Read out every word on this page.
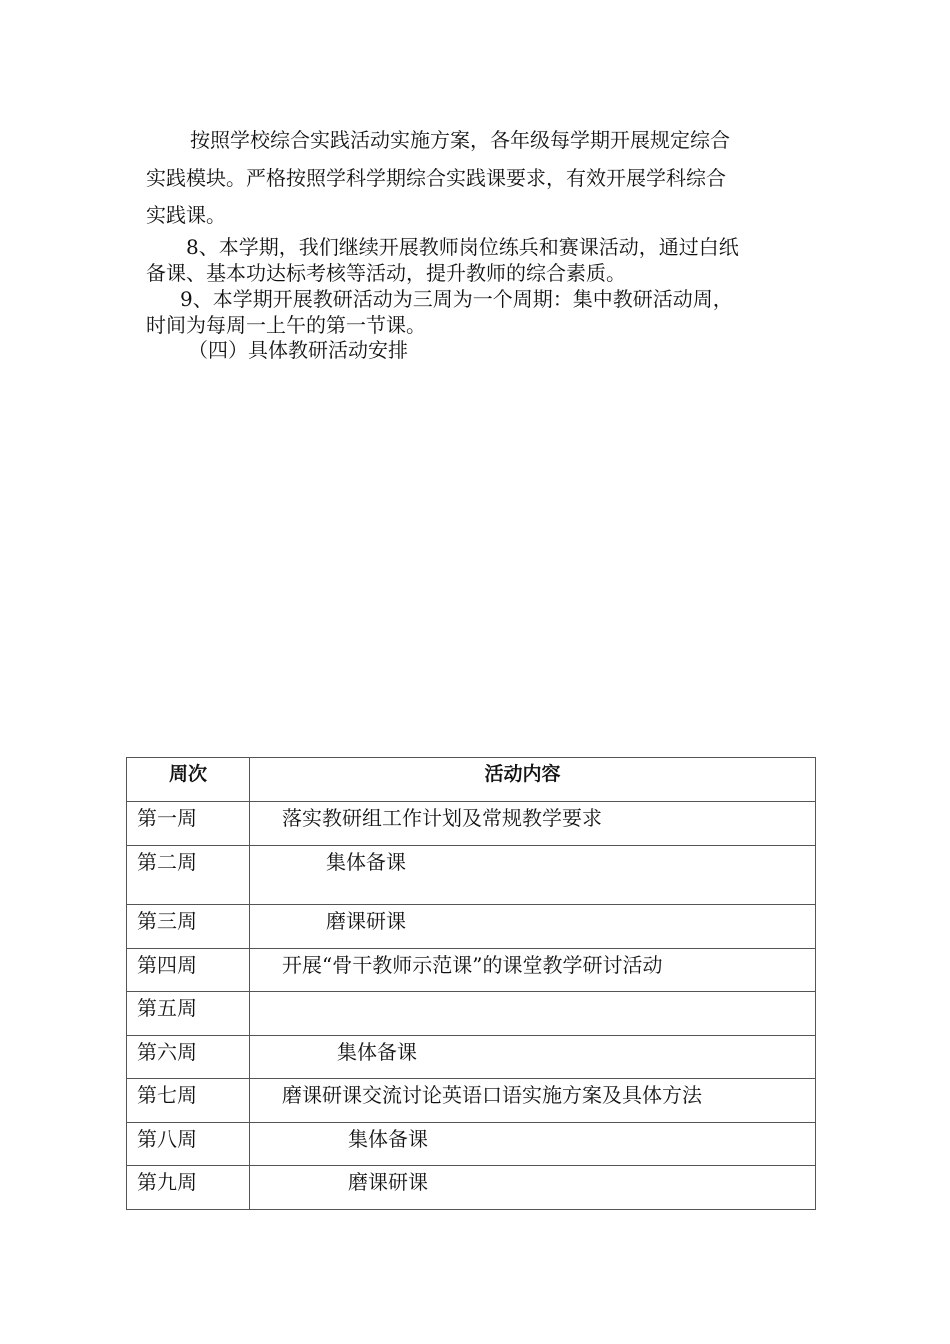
按照学校综合实践活动实施方案，各年级每学期开展规定综合
实践模块。严格按照学科学期综合实践课要求，有效开展学科综合
实践课。
8、本学期，我们继续开展教师岗位练兵和赛课活动，通过白纸
备课、基本功达标考核等活动，提升教师的综合素质。
9、本学期开展教研活动为三周为一个周期：集中教研活动周，
时间为每周一上午的第一节课。
（四）具体教研活动安排
周次	活动内容
第一周	落实教研组工作计划及常规教学要求
第二周	集体备课
第三周	磨课研课
第四周	开展“骨干教师示范课”的课堂教学研讨活动
第五周	
第六周	集体备课
第七周	磨课研课交流讨论英语口语实施方案及具体方法
第八周	集体备课
第九周	磨课研课
